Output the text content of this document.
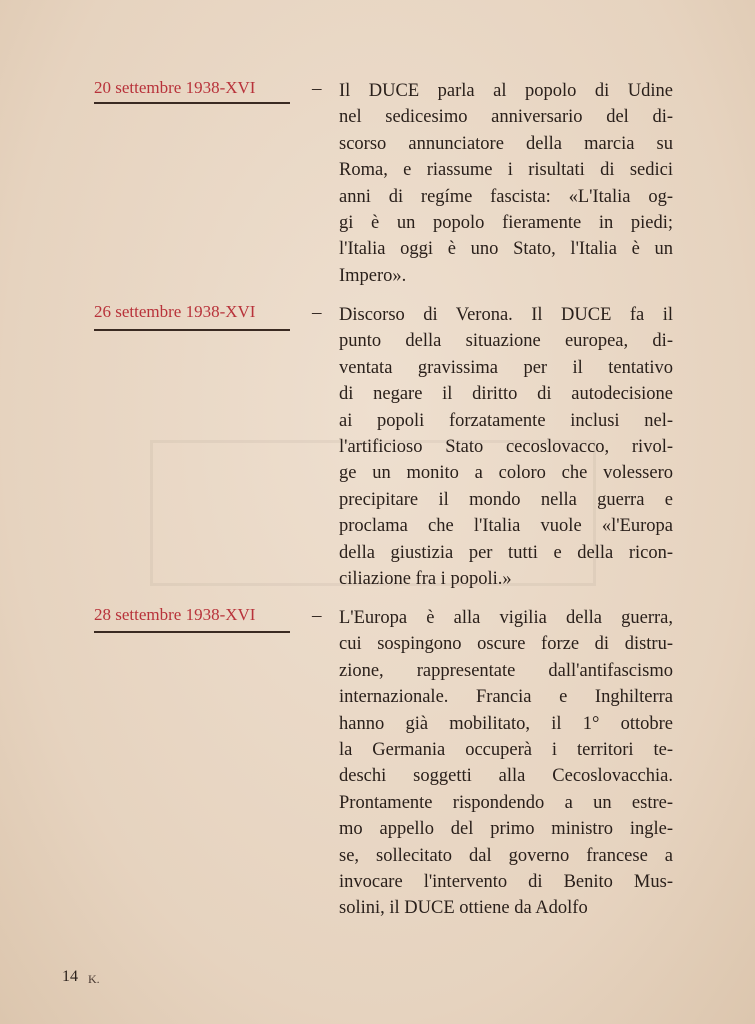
20 settembre 1938-XVI	– Il DUCE parla al popolo di Udine
nel sedicesimo anniversario del di-
scorso annunciatore della marcia su
Roma, e riassume i risultati di sedici
anni di regíme fascista: «L'Italia og-
gi è un popolo fieramente in piedi;
l'Italia oggi è uno Stato, l'Italia è un
Impero».
26 settembre 1938-XVI	– Discorso di Verona. Il DUCE fa il
punto della situazione europea, di-
ventata gravissima per il tentativo
di negare il diritto di autodecisione
ai popoli forzatamente inclusi nel-
l'artificioso Stato cecoslovacco, rivol-
ge un monito a coloro che volessero
precipitare il mondo nella guerra e
proclama che l'Italia vuole «l'Europa
della giustizia per tutti e della ricon-
ciliazione fra i popoli.»
28 settembre 1938-XVI	– L'Europa è alla vigilia della guerra,
cui sospingono oscure forze di distru-
zione, rappresentate dall'antifascismo
internazionale. Francia e Inghilterra
hanno già mobilitato, il 1° ottobre
la Germania occuperà i territori te-
deschi soggetti alla Cecoslovacchia.
Prontamente rispondendo a un estre-
mo appello del primo ministro ingle-
se, sollecitato dal governo francese a
invocare l'intervento di Benito Mus-
solini, il DUCE ottiene da Adolfo
14 K.
